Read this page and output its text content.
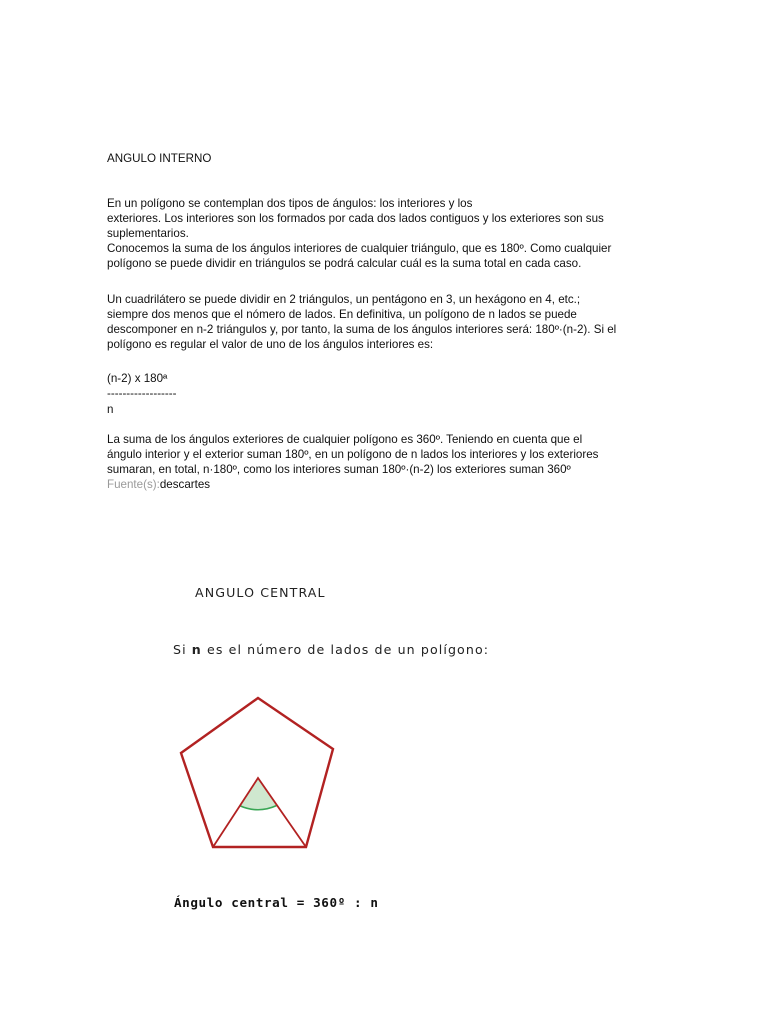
ANGULO INTERNO
En un polígono se contemplan dos tipos de ángulos: los interiores y los
exteriores. Los interiores son los formados por cada dos lados contiguos y los exteriores son sus
suplementarios.
Conocemos la suma de los ángulos interiores de cualquier triángulo, que es 180º. Como cualquier
polígono se puede dividir en triángulos se podrá calcular cuál es la suma total en cada caso.
Un cuadrilátero se puede dividir en 2 triángulos, un pentágono en 3, un hexágono en 4, etc.;
siempre dos menos que el nómero de lados. En definitiva, un polígono de n lados se puede
descomponer en n-2 triángulos y, por tanto, la suma de los ángulos interiores será: 180º·(n-2). Si el
polígono es regular el valor de uno de los ángulos interiores es:
(n-2) x 180ª
------------------
n
La suma de los ángulos exteriores de cualquier polígono es 360º. Teniendo en cuenta que el
ángulo interior y el exterior suman 180º, en un polígono de n lados los interiores y los exteriores
sumaran, en total, n·180º, como los interiores suman 180º·(n-2) los exteriores suman 360º
Fuente(s):descartes
ANGULO CENTRAL
Si n es el número de lados de un polígono:
Ángulo central = 360º : n
